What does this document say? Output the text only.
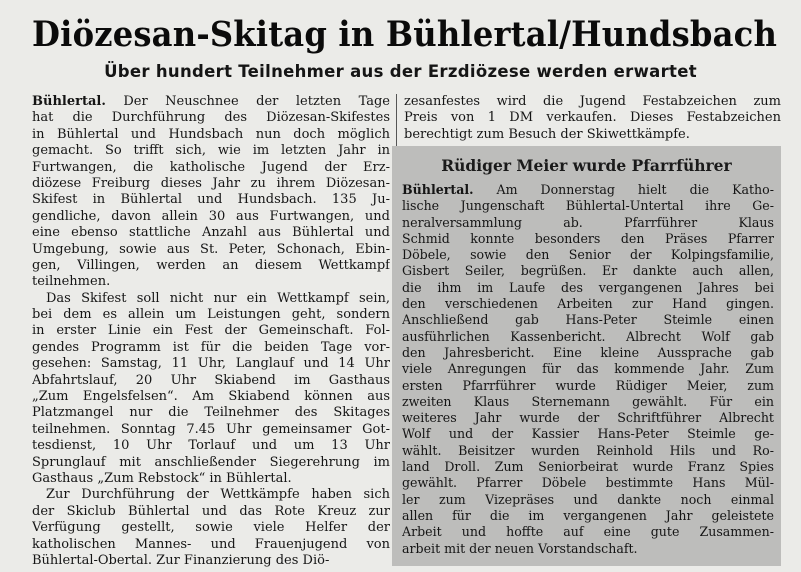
Diözesan-Skitag in Bühlertal/Hundsbach
Über hundert Teilnehmer aus der Erzdiözese werden erwartet
Bühlertal. Der Neuschnee der letzten Tage
hat die Durchführung des Diözesan-Skifestes
in Bühlertal und Hundsbach nun doch möglich
gemacht. So trifft sich, wie im letzten Jahr in
Furtwangen, die katholische Jugend der Erz-
diözese Freiburg dieses Jahr zu ihrem Diözesan-
Skifest in Bühlertal und Hundsbach. 135 Ju-
gendliche, davon allein 30 aus Furtwangen, und
eine ebenso stattliche Anzahl aus Bühlertal und
Umgebung, sowie aus St. Peter, Schonach, Ebin-
gen, Villingen, werden an diesem Wettkampf
teilnehmen.
Das Skifest soll nicht nur ein Wettkampf sein,
bei dem es allein um Leistungen geht, sondern
in erster Linie ein Fest der Gemeinschaft. Fol-
gendes Programm ist für die beiden Tage vor-
gesehen: Samstag, 11 Uhr, Langlauf und 14 Uhr
Abfahrtslauf, 20 Uhr Skiabend im Gasthaus
„Zum Engelsfelsen“. Am Skiabend können aus
Platzmangel nur die Teilnehmer des Skitages
teilnehmen. Sonntag 7.45 Uhr gemeinsamer Got-
tesdienst, 10 Uhr Torlauf und um 13 Uhr
Sprunglauf mit anschließender Siegerehrung im
Gasthaus „Zum Rebstock“ in Bühlertal.
Zur Durchführung der Wettkämpfe haben sich
der Skiclub Bühlertal und das Rote Kreuz zur
Verfügung gestellt, sowie viele Helfer der
katholischen Mannes- und Frauenjugend von
Bühlertal-Obertal. Zur Finanzierung des Diö-
zesanfestes wird die Jugend Festabzeichen zum
Preis von 1 DM verkaufen. Dieses Festabzeichen
berechtigt zum Besuch der Skiwettkämpfe.
Rüdiger Meier wurde Pfarrführer
Bühlertal. Am Donnerstag hielt die Katho-
lische Jungenschaft Bühlertal-Untertal ihre Ge-
neralversammlung ab. Pfarrführer Klaus
Schmid konnte besonders den Präses Pfarrer
Döbele, sowie den Senior der Kolpingsfamilie,
Gisbert Seiler, begrüßen. Er dankte auch allen,
die ihm im Laufe des vergangenen Jahres bei
den verschiedenen Arbeiten zur Hand gingen.
Anschließend gab Hans-Peter Steimle einen
ausführlichen Kassenbericht. Albrecht Wolf gab
den Jahresbericht. Eine kleine Aussprache gab
viele Anregungen für das kommende Jahr. Zum
ersten Pfarrführer wurde Rüdiger Meier, zum
zweiten Klaus Sternemann gewählt. Für ein
weiteres Jahr wurde der Schriftführer Albrecht
Wolf und der Kassier Hans-Peter Steimle ge-
wählt. Beisitzer wurden Reinhold Hils und Ro-
land Droll. Zum Seniorbeirat wurde Franz Spies
gewählt. Pfarrer Döbele bestimmte Hans Mül-
ler zum Vizepräses und dankte noch einmal
allen für die im vergangenen Jahr geleistete
Arbeit und hoffte auf eine gute Zusammen-
arbeit mit der neuen Vorstandschaft.
